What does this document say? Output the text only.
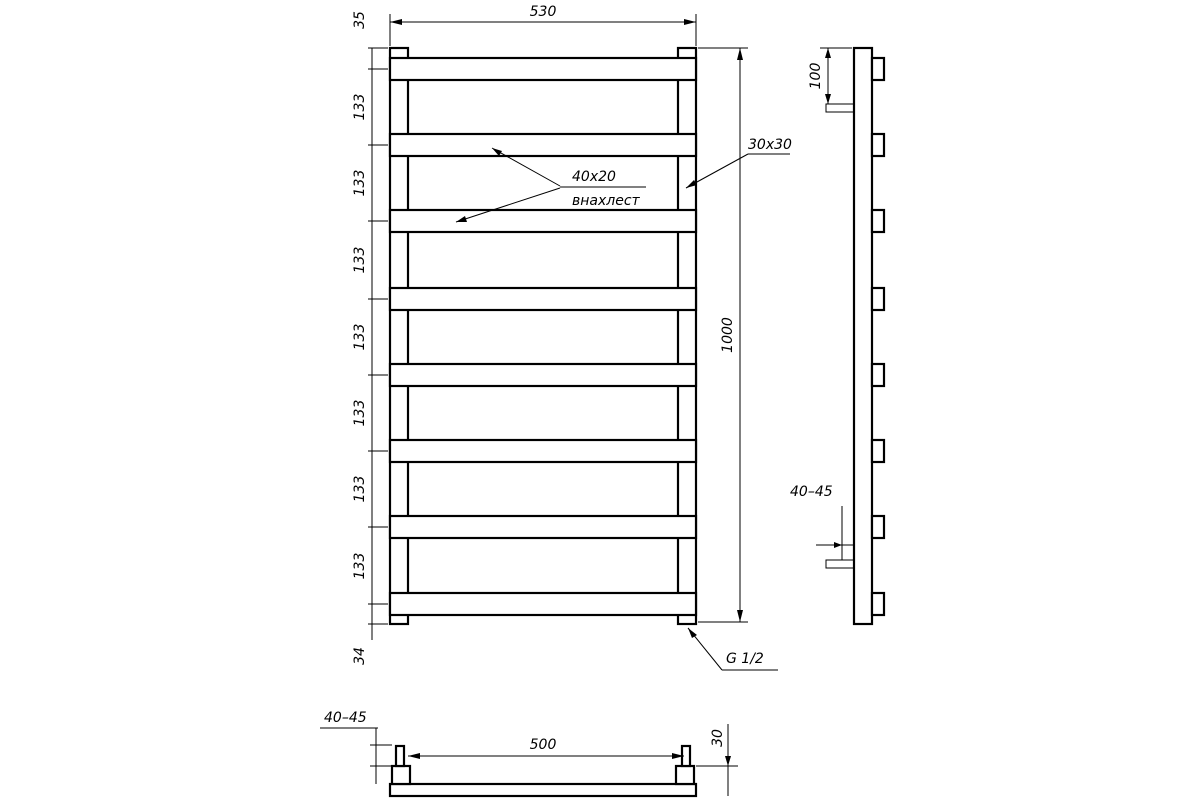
530
1000
35
133
133
133
133
133
133
133
34
40x20
внахлест
30x30
G 1/2
100
40–45
500
40–45
30
